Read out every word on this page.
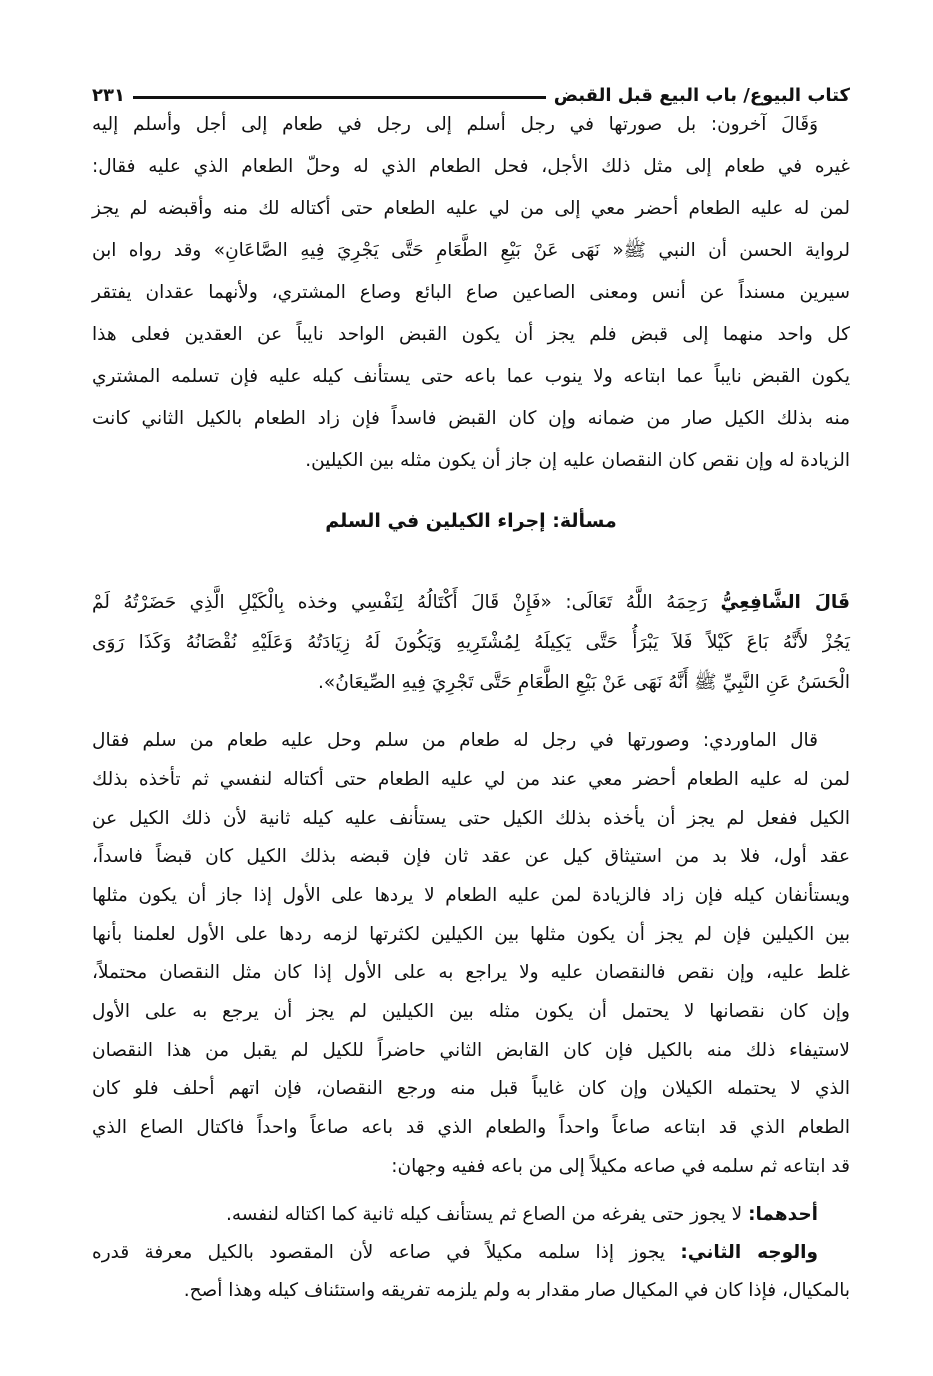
كتاب البيوع/ باب البيع قبل القبض
٢٣١
وَقَالَ آخرون: بل صورتها في رجل أسلم إلى رجل في طعام إلى أجل وأسلم إليه
غيره في طعام إلى مثل ذلك الأجل، فحل الطعام الذي له وحلّ الطعام الذي عليه فقال:
لمن له عليه الطعام أحضر معي إلى من لي عليه الطعام حتى أكتاله لك منه وأقبضه لم يجز
لرواية الحسن أن النبي ﷺ« نَهَى عَنْ بَيْعِ الطَّعَامِ حَتَّى يَجْرِيَ فِيهِ الصَّاعَانِ» وقد رواه ابن
سيرين مسنداً عن أنس ومعنى الصاعين صاع البائع وصاع المشتري، ولأنهما عقدان يفتقر
كل واحد منهما إلى قبض فلم يجز أن يكون القبض الواحد نايباً عن العقدين فعلى هذا
يكون القبض نايباً عما ابتاعه ولا ينوب عما باعه حتى يستأنف كيله عليه فإن تسلمه المشتري
منه بذلك الكيل صار من ضمانه وإن كان القبض فاسداً فإن زاد الطعام بالكيل الثاني كانت
الزيادة له وإن نقص كان النقصان عليه إن جاز أن يكون مثله بين الكيلين.
مسألة: إجراء الكيلين في السلم
قَالَ الشَّافِعِيُّ رَحِمَهُ اللَّهُ تَعَالَى: «فَإِنْ قَالَ أَكْتَالُهُ لِنَفْسِي وخذه بِالْكَيْلِ الَّذِي حَضَرْتُهُ لَمْ
يَجُزْ لأَنَّهُ بَاعَ كَيْلاً فَلاَ يَبْرَأُ حَتَّى يَكِيلَهُ لِمُشْتَرِيهِ وَيَكُونَ لَهُ زِيَادَتُهُ وَعَلَيْهِ نُقْصَانُهُ وَكَذَا رَوَى
الْحَسَنُ عَنِ النَّبِيِّ ﷺ أَنَّهُ نَهَى عَنْ بَيْعِ الطَّعَامِ حَتَّى تَجْرِيَ فِيهِ الصِّيعَانُ».
قال الماوردي: وصورتها في رجل له طعام من سلم وحل عليه طعام من سلم فقال
لمن له عليه الطعام أحضر معي عند من لي عليه الطعام حتى أكتاله لنفسي ثم تأخذه بذلك
الكيل ففعل لم يجز أن يأخذه بذلك الكيل حتى يستأنف عليه كيله ثانية لأن ذلك الكيل عن
عقد أول، فلا بد من استيثاق كيل عن عقد ثان فإن قبضه بذلك الكيل كان قبضاً فاسداً،
ويستأنفان كيله فإن زاد فالزيادة لمن عليه الطعام لا يردها على الأول إذا جاز أن يكون مثلها
بين الكيلين فإن لم يجز أن يكون مثلها بين الكيلين لكثرتها لزمه ردها على الأول لعلمنا بأنها
غلط عليه، وإن نقص فالنقصان عليه ولا يراجع به على الأول إذا كان مثل النقصان محتملاً،
وإن كان نقصانها لا يحتمل أن يكون مثله بين الكيلين لم يجز أن يرجع به على الأول
لاستيفاء ذلك منه بالكيل فإن كان القابض الثاني حاضراً للكيل لم يقبل من هذا النقصان
الذي لا يحتمله الكيلان وإن كان غايباً قبل منه ورجع النقصان، فإن اتهم أحلف فلو كان
الطعام الذي قد ابتاعه صاعاً واحداً والطعام الذي قد باعه صاعاً واحداً فاكتال الصاع الذي
قد ابتاعه ثم سلمه في صاعه مكيلاً إلى من باعه ففيه وجهان:
أحدهما: لا يجوز حتى يفرغه من الصاع ثم يستأنف كيله ثانية كما اكتاله لنفسه.
والوجه الثاني: يجوز إذا سلمه مكيلاً في صاعه لأن المقصود بالكيل معرفة قدره
بالمكيال، فإذا كان في المكيال صار مقدار به ولم يلزمه تفريقه واستئناف كيله وهذا أصح.
